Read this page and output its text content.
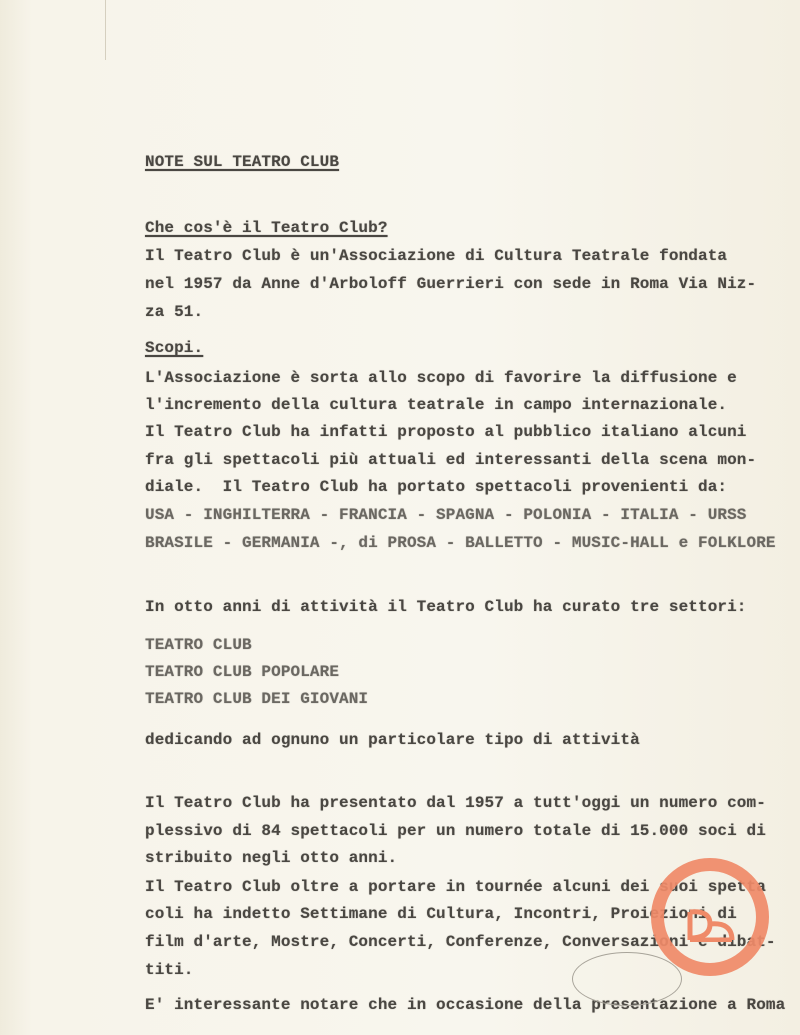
NOTE SUL TEATRO CLUB
Che cos'è il Teatro Club?
Il Teatro Club è un'Associazione di Cultura Teatrale fondata
nel 1957 da Anne d'Arboloff Guerrieri con sede in Roma Via Niz-
za 51.
Scopi.
L'Associazione è sorta allo scopo di favorire la diffusione e
l'incremento della cultura teatrale in campo internazionale.
Il Teatro Club ha infatti proposto al pubblico italiano alcuni
fra gli spettacoli più attuali ed interessanti della scena mon-
diale.  Il Teatro Club ha portato spettacoli provenienti da:
USA - INGHILTERRA - FRANCIA - SPAGNA - POLONIA - ITALIA - URSS
BRASILE - GERMANIA -, di PROSA - BALLETTO - MUSIC-HALL e FOLKLORE
In otto anni di attività il Teatro Club ha curato tre settori:
TEATRO CLUB
TEATRO CLUB POPOLARE
TEATRO CLUB DEI GIOVANI
dedicando ad ognuno un particolare tipo di attività
Il Teatro Club ha presentato dal 1957 a tutt'oggi un numero com-
plessivo di 84 spettacoli per un numero totale di 15.000 soci di
stribuito negli otto anni.
Il Teatro Club oltre a portare in tournée alcuni dei suoi spetta
coli ha indetto Settimane di Cultura, Incontri, Proiezioni di
film d'arte, Mostre, Concerti, Conferenze, Conversazioni e dibat-
titi.
E' interessante notare che in occasione della presentazione a Roma
